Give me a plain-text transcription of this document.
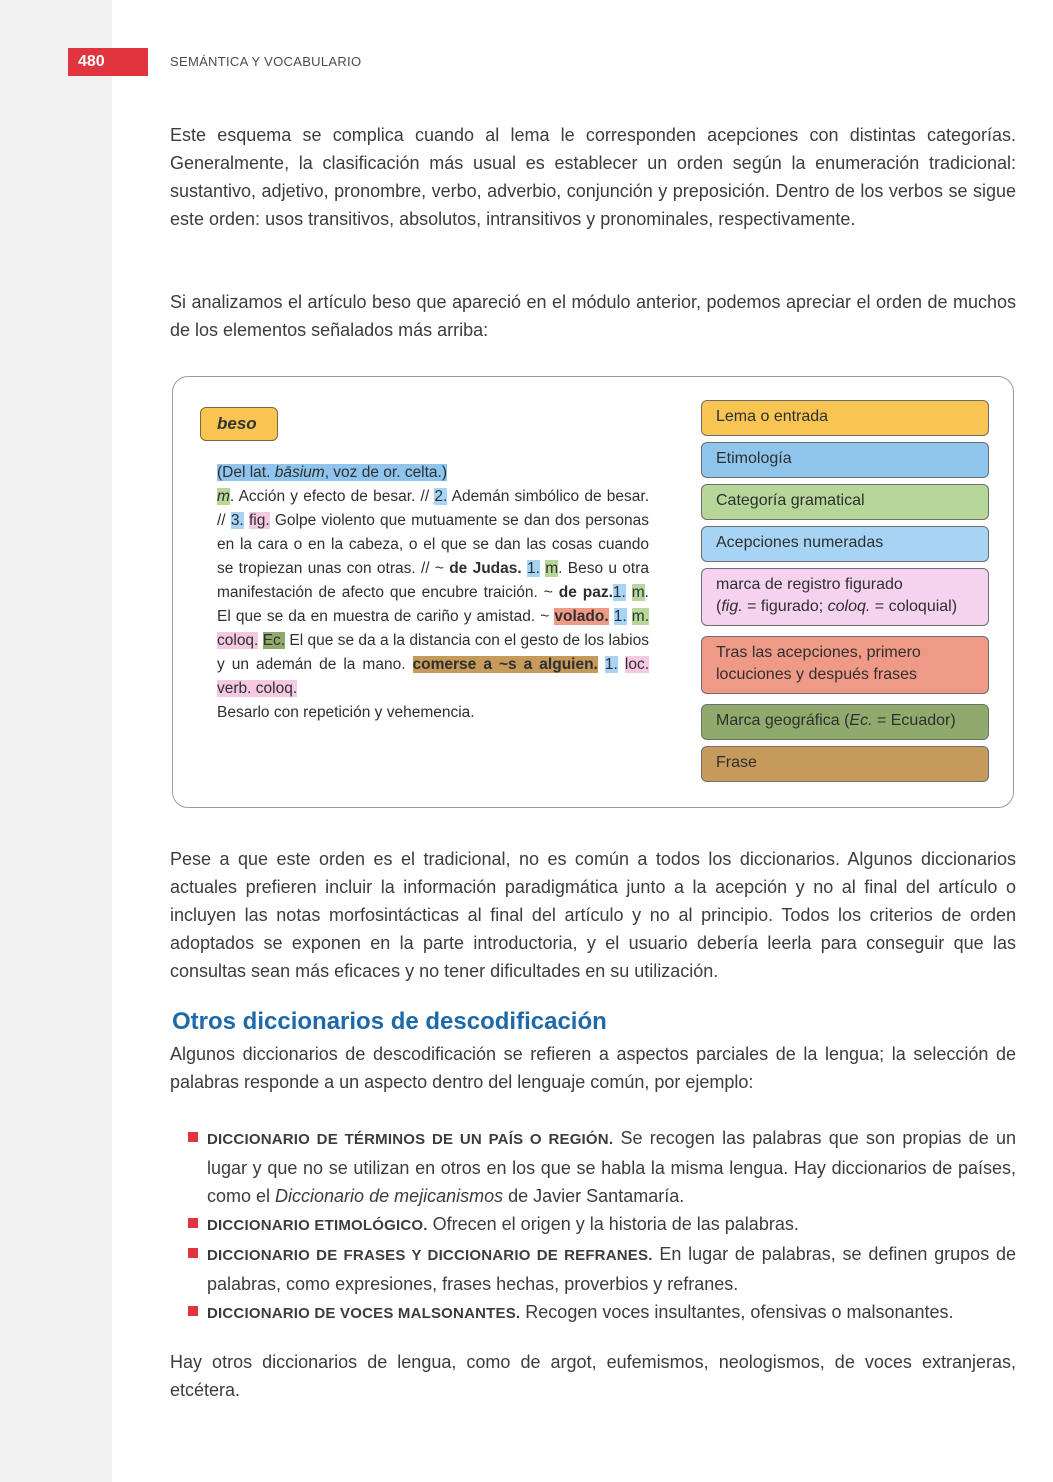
480	SEMÁNTICA Y VOCABULARIO

Este esquema se complica cuando al lema le corresponden acepciones con distintas categorías. Generalmente, la clasificación más usual es establecer un orden según la enumeración tradicional: sustantivo, adjetivo, pronombre, verbo, adverbio, conjunción y preposición. Dentro de los verbos se sigue este orden: usos transitivos, absolutos, intransitivos y pronominales, respectivamente.

Si analizamos el artículo beso que apareció en el módulo anterior, podemos apreciar el orden de muchos de los elementos señalados más arriba:

beso

(Del lat. bāsium, voz de or. celta.)
m. Acción y efecto de besar. // 2. Ademán simbólico de besar. // 3. fig. Golpe violento que mutuamente se dan dos personas en la cara o en la cabeza, o el que se dan las cosas cuando se tropiezan unas con otras. // ~ de Judas. 1. m. Beso u otra manifestación de afecto que encubre traición. ~ de paz.1. m. El que se da en muestra de cariño y amistad. ~ volado. 1. m. coloq. Ec. El que se da a la distancia con el gesto de los labios y un ademán de la mano. comerse a ~s a alguien. 1. loc. verb. coloq.
Besarlo con repetición y vehemencia.

Lema o entrada
Etimología
Categoría gramatical
Acepciones numeradas
marca de registro figurado
(fig. = figurado; coloq. = coloquial)
Tras las acepciones, primero
locuciones y después frases
Marca geográfica (Ec. = Ecuador)
Frase

Pese a que este orden es el tradicional, no es común a todos los diccionarios. Algunos diccionarios actuales prefieren incluir la información paradigmática junto a la acepción y no al final del artículo o incluyen las notas morfosintácticas al final del artículo y no al principio. Todos los criterios de orden adoptados se exponen en la parte introductoria, y el usuario debería leerla para conseguir que las consultas sean más eficaces y no tener dificultades en su utilización.

Otros diccionarios de descodificación

Algunos diccionarios de descodificación se refieren a aspectos parciales de la lengua; la selección de palabras responde a un aspecto dentro del lenguaje común, por ejemplo:

DICCIONARIO DE TÉRMINOS DE UN PAÍS O REGIÓN. Se recogen las palabras que son propias de un lugar y que no se utilizan en otros en los que se habla la misma lengua. Hay diccionarios de países, como el Diccionario de mejicanismos de Javier Santamaría.
DICCIONARIO ETIMOLÓGICO. Ofrecen el origen y la historia de las palabras.
DICCIONARIO DE FRASES Y DICCIONARIO DE REFRANES. En lugar de palabras, se definen grupos de palabras, como expresiones, frases hechas, proverbios y refranes.
DICCIONARIO DE VOCES MALSONANTES. Recogen voces insultantes, ofensivas o malsonantes.

Hay otros diccionarios de lengua, como de argot, eufemismos, neologismos, de voces extranjeras, etcétera.
